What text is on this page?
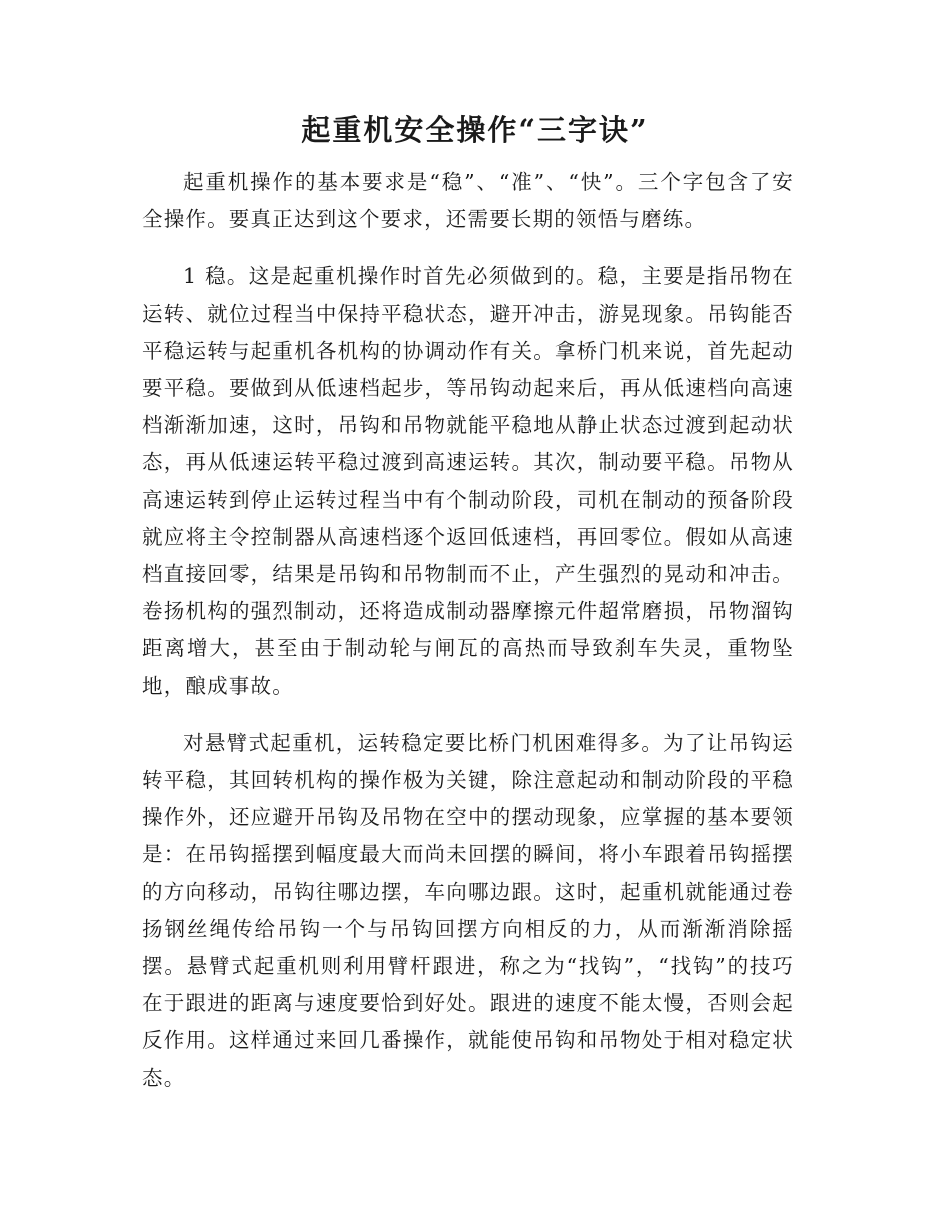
起重机安全操作“三字诀”

起重机操作的基本要求是“稳”、“准”、“快”。三个字包含了安全操作。要真正达到这个要求，还需要长期的领悟与磨练。

1 稳。这是起重机操作时首先必须做到的。稳，主要是指吊物在运转、就位过程当中保持平稳状态，避开冲击，游晃现象。吊钩能否平稳运转与起重机各机构的协调动作有关。拿桥门机来说，首先起动要平稳。要做到从低速档起步，等吊钩动起来后，再从低速档向高速档渐渐加速，这时，吊钩和吊物就能平稳地从静止状态过渡到起动状态，再从低速运转平稳过渡到高速运转。其次，制动要平稳。吊物从高速运转到停止运转过程当中有个制动阶段，司机在制动的预备阶段就应将主令控制器从高速档逐个返回低速档，再回零位。假如从高速档直接回零，结果是吊钩和吊物制而不止，产生强烈的晃动和冲击。卷扬机构的强烈制动，还将造成制动器摩擦元件超常磨损，吊物溜钩距离增大，甚至由于制动轮与闸瓦的高热而导致刹车失灵，重物坠地，酿成事故。

对悬臂式起重机，运转稳定要比桥门机困难得多。为了让吊钩运转平稳，其回转机构的操作极为关键，除注意起动和制动阶段的平稳操作外，还应避开吊钩及吊物在空中的摆动现象，应掌握的基本要领是：在吊钩摇摆到幅度最大而尚未回摆的瞬间，将小车跟着吊钩摇摆的方向移动，吊钩往哪边摆，车向哪边跟。这时，起重机就能通过卷扬钢丝绳传给吊钩一个与吊钩回摆方向相反的力，从而渐渐消除摇摆。悬臂式起重机则利用臂杆跟进，称之为“找钩”，“找钩”的技巧在于跟进的距离与速度要恰到好处。跟进的速度不能太慢，否则会起反作用。这样通过来回几番操作，就能使吊钩和吊物处于相对稳定状态。
